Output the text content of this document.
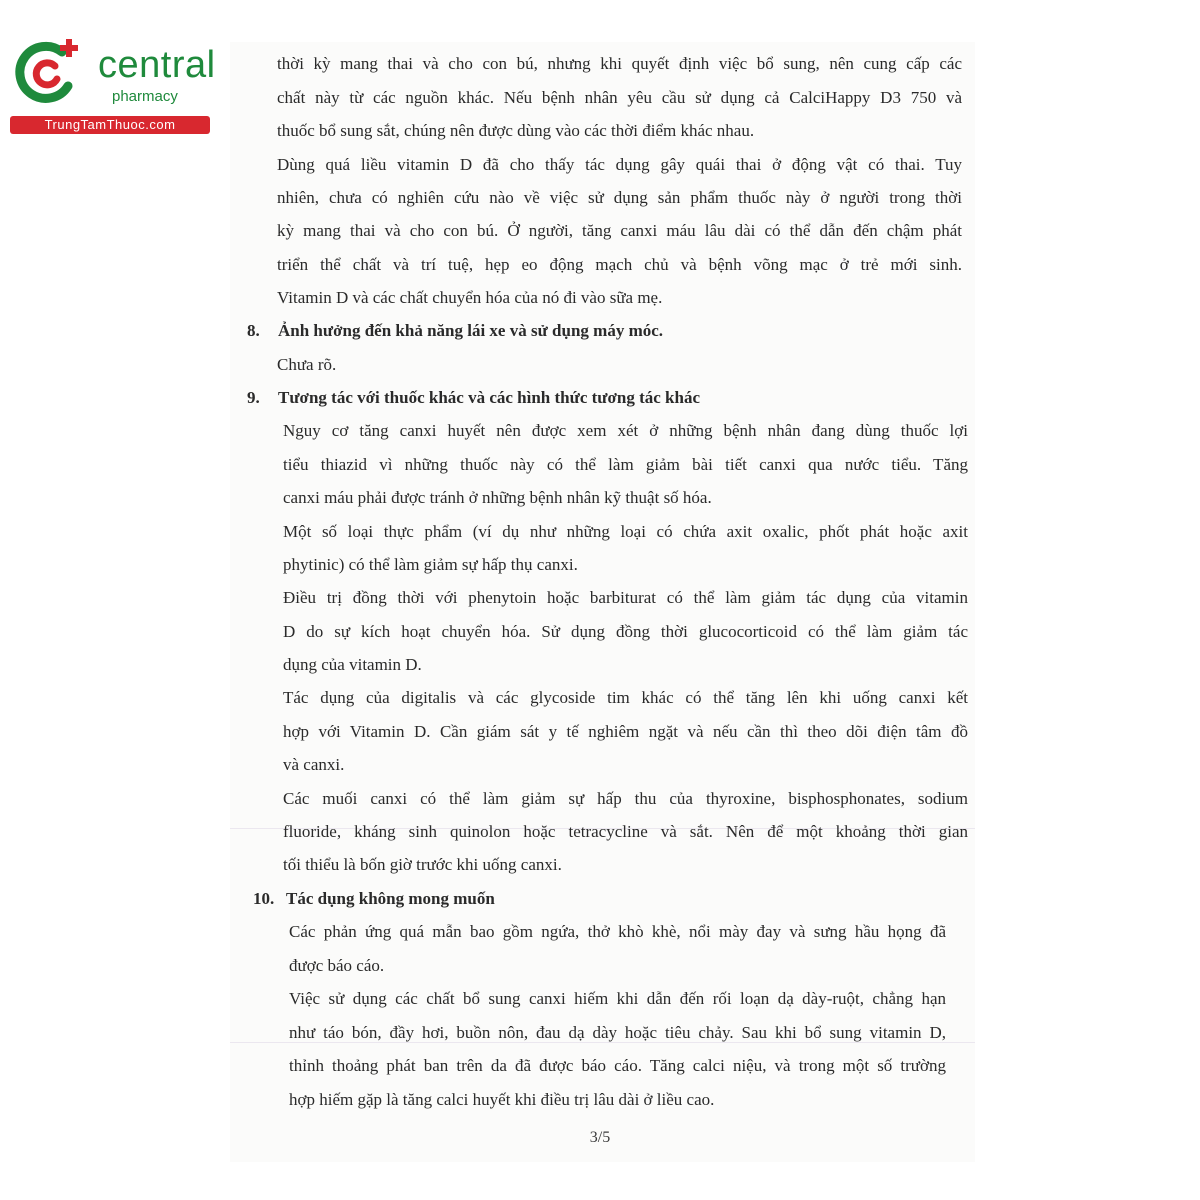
central
pharmacy
TrungTamThuoc.com
thời kỳ mang thai và cho con bú, nhưng khi quyết định việc bổ sung, nên cung cấp các
chất này từ các nguồn khác. Nếu bệnh nhân yêu cầu sử dụng cả CalciHappy D3 750 và
thuốc bổ sung sắt, chúng nên được dùng vào các thời điểm khác nhau.
Dùng quá liều vitamin D đã cho thấy tác dụng gây quái thai ở động vật có thai. Tuy
nhiên, chưa có nghiên cứu nào về việc sử dụng sản phẩm thuốc này ở người trong thời
kỳ mang thai và cho con bú. Ở người, tăng canxi máu lâu dài có thể dẫn đến chậm phát
triển thể chất và trí tuệ, hẹp eo động mạch chủ và bệnh võng mạc ở trẻ mới sinh.
Vitamin D và các chất chuyển hóa của nó đi vào sữa mẹ.
8. Ảnh hưởng đến khả năng lái xe và sử dụng máy móc.
Chưa rõ.
9. Tương tác với thuốc khác và các hình thức tương tác khác
Nguy cơ tăng canxi huyết nên được xem xét ở những bệnh nhân đang dùng thuốc lợi
tiểu thiazid vì những thuốc này có thể làm giảm bài tiết canxi qua nước tiểu. Tăng
canxi máu phải được tránh ở những bệnh nhân kỹ thuật số hóa.
Một số loại thực phẩm (ví dụ như những loại có chứa axit oxalic, phốt phát hoặc axit
phytinic) có thể làm giảm sự hấp thụ canxi.
Điều trị đồng thời với phenytoin hoặc barbiturat có thể làm giảm tác dụng của vitamin
D do sự kích hoạt chuyển hóa. Sử dụng đồng thời glucocorticoid có thể làm giảm tác
dụng của vitamin D.
Tác dụng của digitalis và các glycoside tim khác có thể tăng lên khi uống canxi kết
hợp với Vitamin D. Cần giám sát y tế nghiêm ngặt và nếu cần thì theo dõi điện tâm đồ
và canxi.
Các muối canxi có thể làm giảm sự hấp thu của thyroxine, bisphosphonates, sodium
fluoride, kháng sinh quinolon hoặc tetracycline và sắt. Nên để một khoảng thời gian
tối thiểu là bốn giờ trước khi uống canxi.
10. Tác dụng không mong muốn
Các phản ứng quá mẫn bao gồm ngứa, thở khò khè, nổi mày đay và sưng hầu họng đã
được báo cáo.
Việc sử dụng các chất bổ sung canxi hiếm khi dẫn đến rối loạn dạ dày-ruột, chẳng hạn
như táo bón, đầy hơi, buồn nôn, đau dạ dày hoặc tiêu chảy. Sau khi bổ sung vitamin D,
thỉnh thoảng phát ban trên da đã được báo cáo. Tăng calci niệu, và trong một số trường
hợp hiếm gặp là tăng calci huyết khi điều trị lâu dài ở liều cao.
3/5
